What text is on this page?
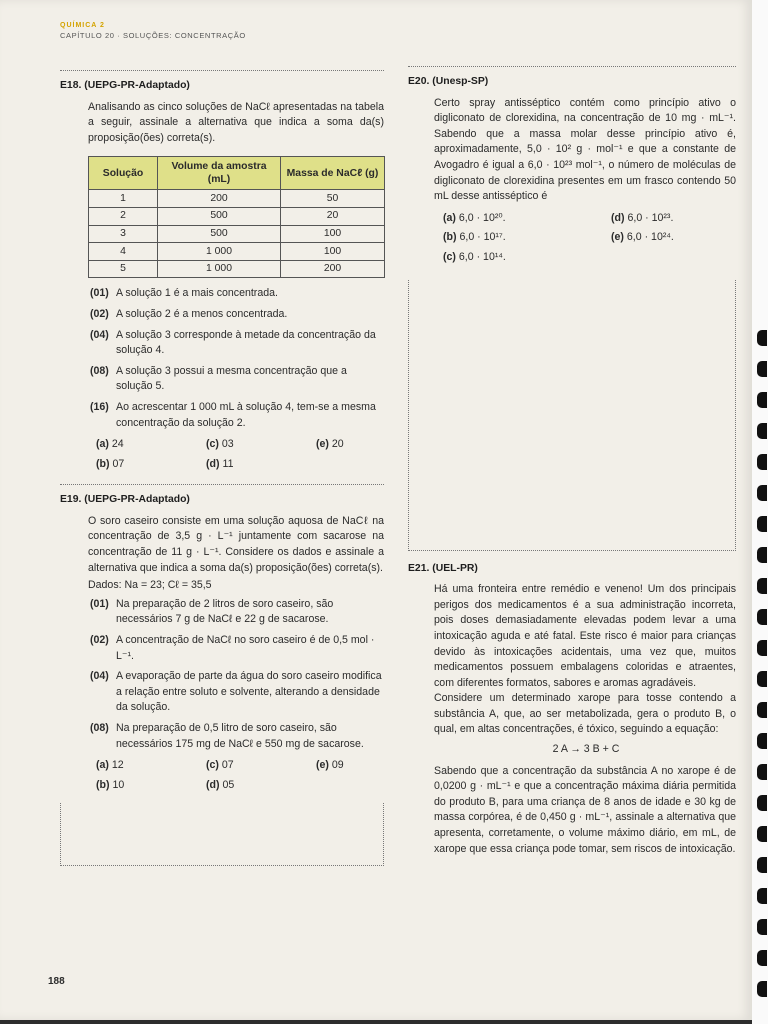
QUÍMICA 2
CAPÍTULO 20 · SOLUÇÕES: CONCENTRAÇÃO
E18. (UEPG-PR-Adaptado)
Analisando as cinco soluções de NaCℓ apresentadas na tabela a seguir, assinale a alternativa que indica a soma da(s) proposição(ões) correta(s).
Solução	Volume da amostra (mL)	Massa de NaCℓ (g)
1	200	50
2	500	20
3	500	100
4	1 000	100
5	1 000	200
(01) A solução 1 é a mais concentrada.
(02) A solução 2 é a menos concentrada.
(04) A solução 3 corresponde à metade da concentração da solução 4.
(08) A solução 3 possui a mesma concentração que a solução 5.
(16) Ao acrescentar 1 000 mL à solução 4, tem-se a mesma concentração da solução 2.
(a) 24	(c) 03	(e) 20
(b) 07	(d) 11
E19. (UEPG-PR-Adaptado)
O soro caseiro consiste em uma solução aquosa de NaCℓ na concentração de 3,5 g · L⁻¹ juntamente com sacarose na concentração de 11 g · L⁻¹. Considere os dados e assinale a alternativa que indica a soma da(s) proposição(ões) correta(s).
Dados: Na = 23; Cℓ = 35,5
(01) Na preparação de 2 litros de soro caseiro, são necessários 7 g de NaCℓ e 22 g de sacarose.
(02) A concentração de NaCℓ no soro caseiro é de 0,5 mol · L⁻¹.
(04) A evaporação de parte da água do soro caseiro modifica a relação entre soluto e solvente, alterando a densidade da solução.
(08) Na preparação de 0,5 litro de soro caseiro, são necessários 175 mg de NaCℓ e 550 mg de sacarose.
(a) 12	(c) 07	(e) 09
(b) 10	(d) 05
E20. (Unesp-SP)
Certo spray antisséptico contém como princípio ativo o digliconato de clorexidina, na concentração de 10 mg · mL⁻¹. Sabendo que a massa molar desse princípio ativo é, aproximadamente, 5,0 · 10² g · mol⁻¹ e que a constante de Avogadro é igual a 6,0 · 10²³ mol⁻¹, o número de moléculas de digliconato de clorexidina presentes em um frasco contendo 50 mL desse antisséptico é
(a) 6,0 · 10²⁰.	(d) 6,0 · 10²³.
(b) 6,0 · 10¹⁷.	(e) 6,0 · 10²⁴.
(c) 6,0 · 10¹⁴.
E21. (UEL-PR)
Há uma fronteira entre remédio e veneno! Um dos principais perigos dos medicamentos é a sua administração incorreta, pois doses demasiadamente elevadas podem levar a uma intoxicação aguda e até fatal. Este risco é maior para crianças devido às intoxicações acidentais, uma vez que, muitos medicamentos possuem embalagens coloridas e atraentes, com diferentes formatos, sabores e aromas agradáveis.
Considere um determinado xarope para tosse contendo a substância A, que, ao ser metabolizada, gera o produto B, o qual, em altas concentrações, é tóxico, seguindo a equação:
2 A → 3 B + C
Sabendo que a concentração da substância A no xarope é de 0,0200 g · mL⁻¹ e que a concentração máxima diária permitida do produto B, para uma criança de 8 anos de idade e 30 kg de massa corpórea, é de 0,450 g · mL⁻¹, assinale a alternativa que apresenta, corretamente, o volume máximo diário, em mL, de xarope que essa criança pode tomar, sem riscos de intoxicação.
188
